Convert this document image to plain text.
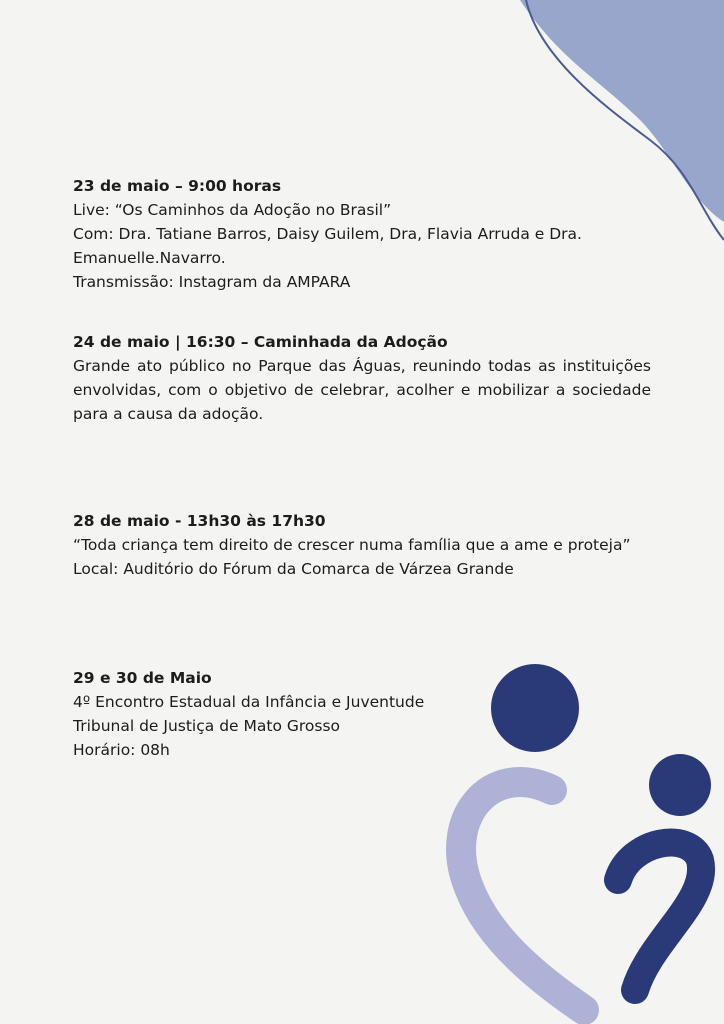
23 de maio – 9:00 horas

Live: “Os Caminhos da Adoção no Brasil”

Com: Dra. Tatiane Barros, Daisy Guilem, Dra, Flavia Arruda e Dra. Emanuelle.Navarro.

Transmissão: Instagram da AMPARA

24 de maio | 16:30 – Caminhada da Adoção

Grande ato público no Parque das Águas, reunindo todas as instituições envolvidas, com o objetivo de celebrar, acolher e mobilizar a sociedade para a causa da adoção.

28 de maio - 13h30 às 17h30

“Toda criança tem direito de crescer numa família que a ame e proteja”

Local: Auditório do Fórum da Comarca de Várzea Grande

29 e 30 de Maio

4º Encontro Estadual da Infância e Juventude

Tribunal de Justiça de Mato Grosso

Horário: 08h
